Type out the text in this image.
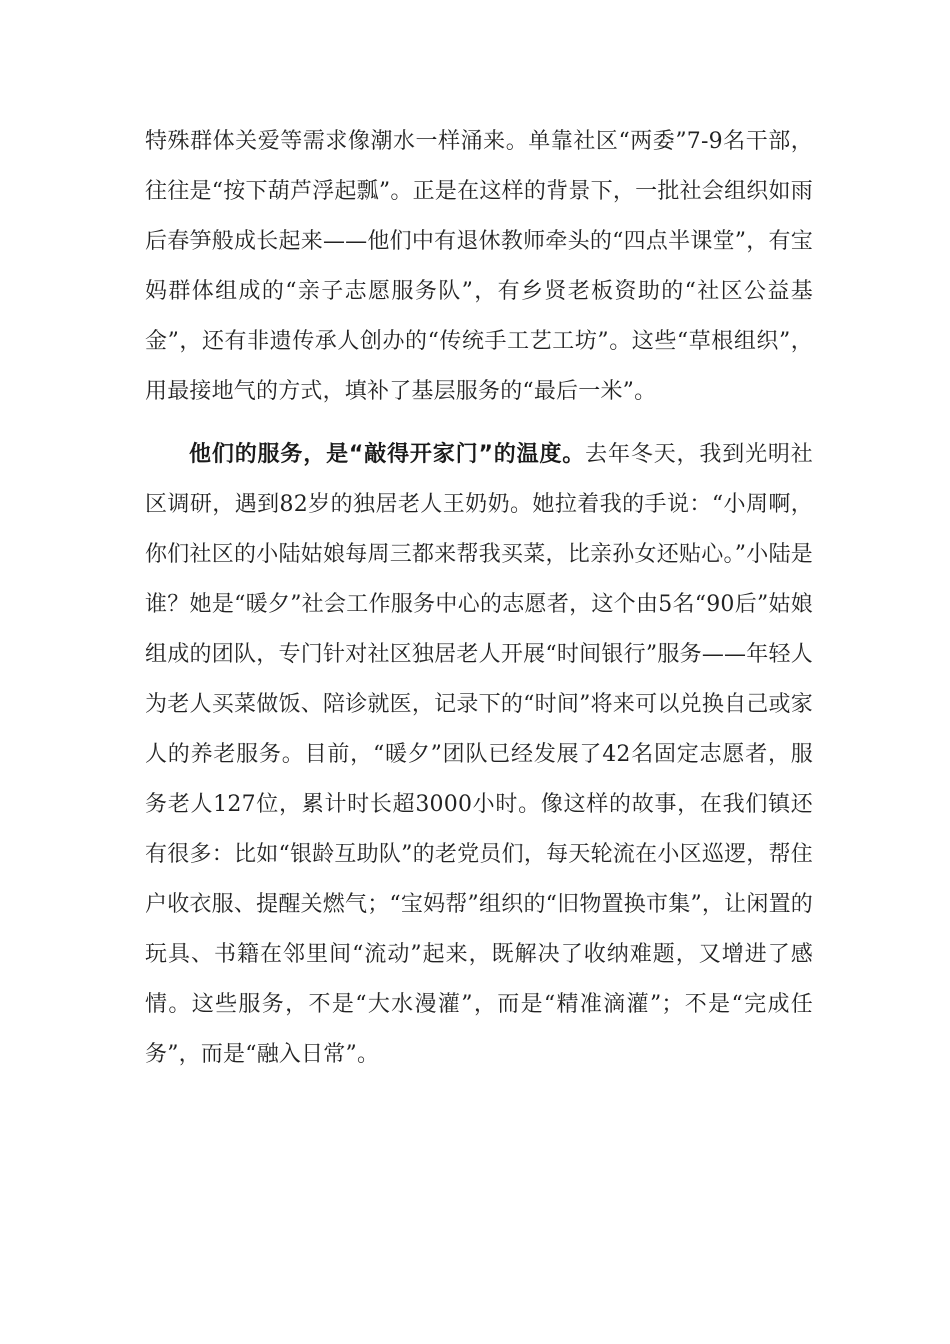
特殊群体关爱等需求像潮水一样涌来。单靠社区“两委”7-9名干部，往往是“按下葫芦浮起瓢”。正是在这样的背景下，一批社会组织如雨后春笋般成长起来——他们中有退休教师牵头的“四点半课堂”，有宝妈群体组成的“亲子志愿服务队”，有乡贤老板资助的“社区公益基金”，还有非遗传承人创办的“传统手工艺工坊”。这些“草根组织”，用最接地气的方式，填补了基层服务的“最后一米”。

他们的服务，是“敲得开家门”的温度。去年冬天，我到光明社区调研，遇到82岁的独居老人王奶奶。她拉着我的手说：“小周啊，你们社区的小陆姑娘每周三都来帮我买菜，比亲孙女还贴心。”小陆是谁？她是“暖夕”社会工作服务中心的志愿者，这个由5名“90后”姑娘组成的团队，专门针对社区独居老人开展“时间银行”服务——年轻人为老人买菜做饭、陪诊就医，记录下的“时间”将来可以兑换自己或家人的养老服务。目前，“暖夕”团队已经发展了42名固定志愿者，服务老人127位，累计时长超3000小时。像这样的故事，在我们镇还有很多：比如“银龄互助队”的老党员们，每天轮流在小区巡逻，帮住户收衣服、提醒关燃气；“宝妈帮”组织的“旧物置换市集”，让闲置的玩具、书籍在邻里间“流动”起来，既解决了收纳难题，又增进了感情。这些服务，不是“大水漫灌”，而是“精准滴灌”；不是“完成任务”，而是“融入日常”。
